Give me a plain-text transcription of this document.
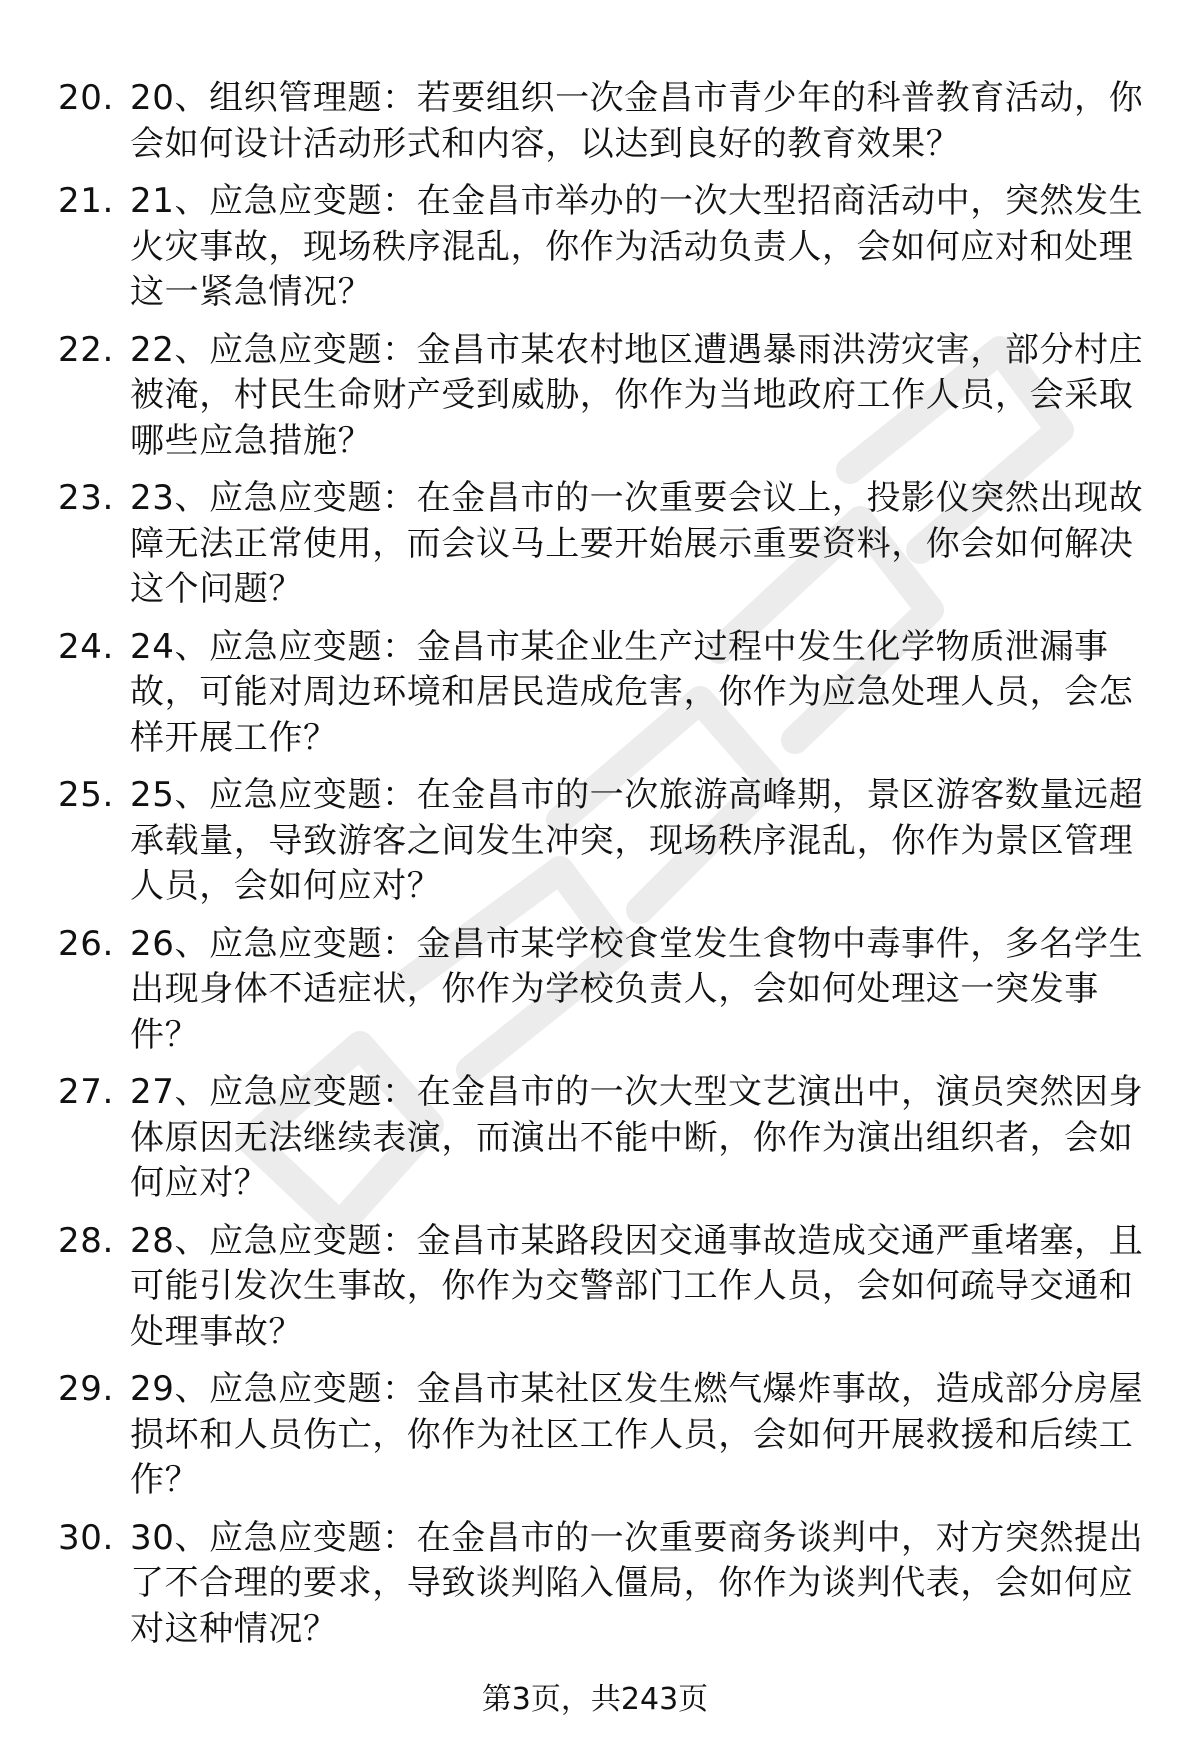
20. 20、组织管理题：若要组织一次金昌市青少年的科普教育活动，你会如何设计活动形式和内容，以达到良好的教育效果？
21. 21、应急应变题：在金昌市举办的一次大型招商活动中，突然发生火灾事故，现场秩序混乱，你作为活动负责人，会如何应对和处理这一紧急情况？
22. 22、应急应变题：金昌市某农村地区遭遇暴雨洪涝灾害，部分村庄被淹，村民生命财产受到威胁，你作为当地政府工作人员，会采取哪些应急措施？
23. 23、应急应变题：在金昌市的一次重要会议上，投影仪突然出现故障无法正常使用，而会议马上要开始展示重要资料，你会如何解决这个问题？
24. 24、应急应变题：金昌市某企业生产过程中发生化学物质泄漏事故，可能对周边环境和居民造成危害，你作为应急处理人员，会怎样开展工作？
25. 25、应急应变题：在金昌市的一次旅游高峰期，景区游客数量远超承载量，导致游客之间发生冲突，现场秩序混乱，你作为景区管理人员，会如何应对？
26. 26、应急应变题：金昌市某学校食堂发生食物中毒事件，多名学生出现身体不适症状，你作为学校负责人，会如何处理这一突发事件？
27. 27、应急应变题：在金昌市的一次大型文艺演出中，演员突然因身体原因无法继续表演，而演出不能中断，你作为演出组织者，会如何应对？
28. 28、应急应变题：金昌市某路段因交通事故造成交通严重堵塞，且可能引发次生事故，你作为交警部门工作人员，会如何疏导交通和处理事故？
29. 29、应急应变题：金昌市某社区发生燃气爆炸事故，造成部分房屋损坏和人员伤亡，你作为社区工作人员，会如何开展救援和后续工作？
30. 30、应急应变题：在金昌市的一次重要商务谈判中，对方突然提出了不合理的要求，导致谈判陷入僵局，你作为谈判代表，会如何应对这种情况？
第3页，共243页
